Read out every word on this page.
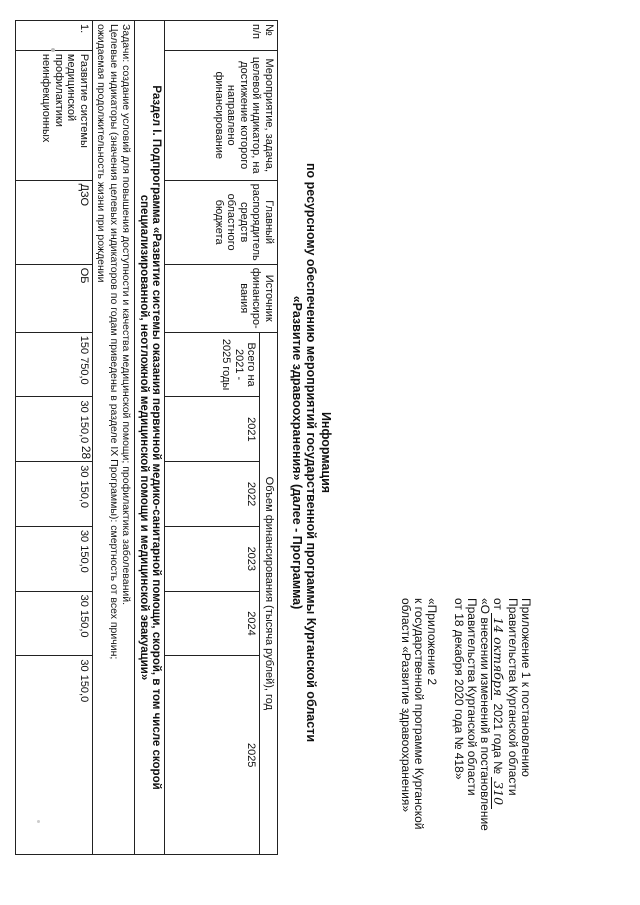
28
Приложение 1 к постановлению
Правительства Курганской области
от 14 октября 2021 года № 310
«О внесении изменений в постановление
Правительства Курганской области
от 18 декабря 2020 года № 418»
«Приложение 2
к государственной программе Курганской
области «Развитие здравоохранения»
Информация
по ресурсному обеспечению мероприятий государственной программы Курганской области
«Развитие здравоохранения» (далее - Программа)
№ п/п	Мероприятие, задача, целевой индикатор, на достижение которого направлено финансирование	Главный распорядитель средств областного бюджета	Источник финансиро-вания	Объем финансирования (тысяча рублей), год					
				Всего на 2021 - 2025 годы	2021	2022	2023	2024	2025

Раздел I. Подпрограмма «Развитие системы оказания первичной медико-санитарной помощи, скорой, в том числе скорой
специализированной, неотложной медицинской помощи и медицинской эвакуации»									

Задачи: создание условий для повышения доступности и качества медицинской помощи; профилактика заболеваний.
Целевые индикаторы (значения целевых индикаторов по годам приведены в разделе IX Программы): смертность от всех причин;
ожидаемая продолжительность жизни при рождении									

1.	Развитие системы медицинской профилактики неинфекционных	ДЗО	ОБ	150 750,0	30 150,0	30 150,0	30 150,0	30 150,0	30 150,0
